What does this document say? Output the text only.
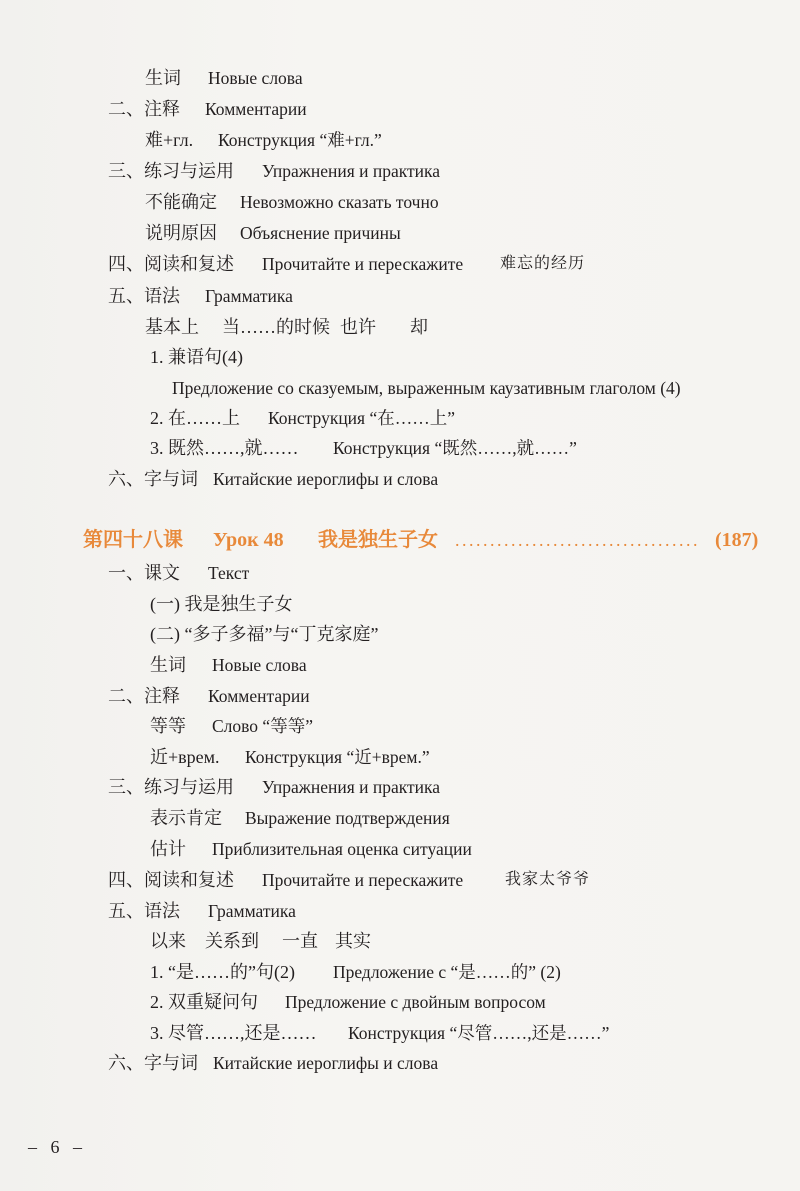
生词 Новые слова
二、注释 Комментарии
难+гл. Конструкция “难+гл.”
三、练习与运用 Упражнения и практика
不能确定 Невозможно сказать точно
说明原因 Объяснение причины
四、阅读和复述 Прочитайте и перескажите 难忘的经历
五、语法 Грамматика
基本上 当……的时候 也许 却
1. 兼语句(4)
Предложение со сказуемым, выраженным каузативным глаголом (4)
2. 在……上 Конструкция “在……上”
3. 既然……,就…… Конструкция “既然……,就……”
六、字与词 Китайские иероглифы и слова
第四十八课 Урок 48 我是独生子女 ................................... (187)
一、课文 Текст
(一) 我是独生子女
(二) “多子多福”与“丁克家庭”
生词 Новые слова
二、注释 Комментарии
等等 Слово “等等”
近+врем. Конструкция “近+врем.”
三、练习与运用 Упражнения и практика
表示肯定 Выражение подтверждения
估计 Приблизительная оценка ситуации
四、阅读和复述 Прочитайте и перескажите	我家太爷爷
五、语法 Грамматика
以来 关系到 一直 其实
1. “是……的”句(2) Предложение с “是……的” (2)
2. 双重疑问句 Предложение с двойным вопросом
3. 尽管……,还是…… Конструкция “尽管……,还是……”
六、字与词 Китайские иероглифы и слова
–   6   –
